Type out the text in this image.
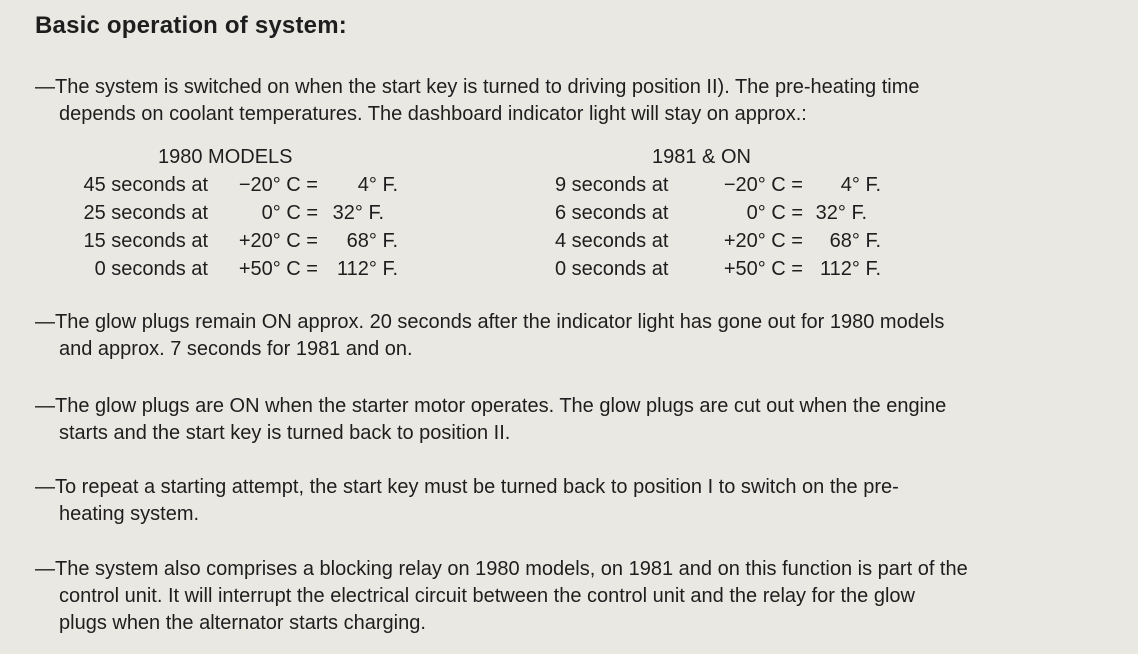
Basic operation of system:
—The system is switched on when the start key is turned to driving position II). The pre-heating time
depends on coolant temperatures. The dashboard indicator light will stay on approx.:
1980 MODELS
45 seconds at	−20° C =	4° F.
25 seconds at	0° C = 32° F.
15 seconds at	+20° C =	68° F.
0 seconds at	+50° C = 112° F.
1981 & ON
9 seconds at	−20° C =	4° F.
6 seconds at	0° C = 32° F.
4 seconds at	+20° C =	68° F.
0 seconds at	+50° C = 112° F.
—The glow plugs remain ON approx. 20 seconds after the indicator light has gone out for 1980 models
and approx. 7 seconds for 1981 and on.
—The glow plugs are ON when the starter motor operates. The glow plugs are cut out when the engine
starts and the start key is turned back to position II.
—To repeat a starting attempt, the start key must be turned back to position I to switch on the pre-
heating system.
—The system also comprises a blocking relay on 1980 models, on 1981 and on this function is part of the
control unit. It will interrupt the electrical circuit between the control unit and the relay for the glow
plugs when the alternator starts charging.
